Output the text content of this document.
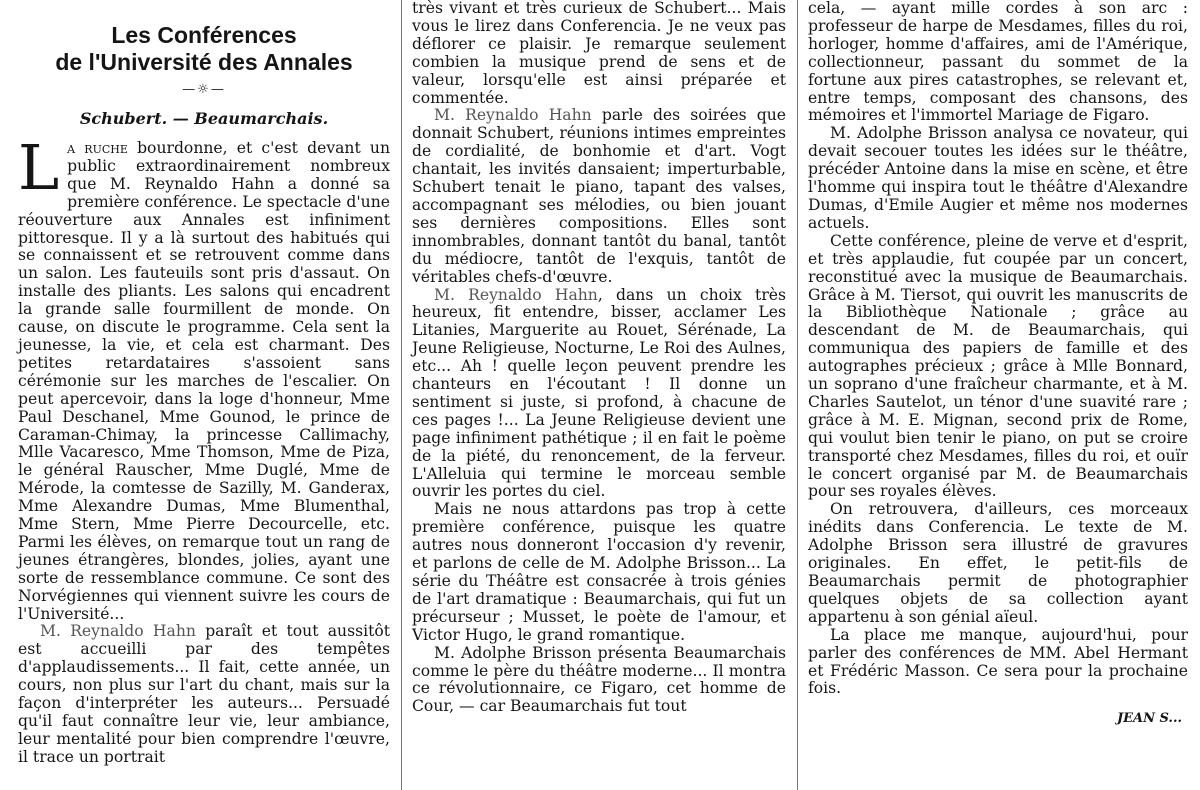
Les Conférences
de l'Université des Annales
—☼—
Schubert. — Beaumarchais.

La ruche bourdonne, et c'est devant un public extraordinairement nombreux que M. Reynaldo Hahn a donné sa première conférence. Le spectacle d'une réouverture aux Annales est infiniment pittoresque. Il y a là surtout des habitués qui se connaissent et se retrouvent comme dans un salon. Les fauteuils sont pris d'assaut. On installe des pliants. Les salons qui encadrent la grande salle fourmillent de monde. On cause, on discute le programme. Cela sent la jeunesse, la vie, et cela est charmant. Des petites retardataires s'assoient sans cérémonie sur les marches de l'escalier. On peut apercevoir, dans la loge d'honneur, Mme Paul Deschanel, Mme Gounod, le prince de Caraman-Chimay, la princesse Callimachy, Mlle Vacaresco, Mme Thomson, Mme de Piza, le général Rauscher, Mme Duglé, Mme de Mérode, la comtesse de Sazilly, M. Ganderax, Mme Alexandre Dumas, Mme Blumenthal, Mme Stern, Mme Pierre Decourcelle, etc. Parmi les élèves, on remarque tout un rang de jeunes étrangères, blondes, jolies, ayant une sorte de ressemblance commune. Ce sont des Norvégiennes qui viennent suivre les cours de l'Université...

M. Reynaldo Hahn paraît et tout aussitôt est accueilli par des tempêtes d'applaudissements... Il fait, cette année, un cours, non plus sur l'art du chant, mais sur la façon d'interpréter les auteurs... Persuadé qu'il faut connaître leur vie, leur ambiance, leur mentalité pour bien comprendre l'œuvre, il trace un portrait

très vivant et très curieux de Schubert... Mais vous le lirez dans Conferencia. Je ne veux pas déflorer ce plaisir. Je remarque seulement combien la musique prend de sens et de valeur, lorsqu'elle est ainsi préparée et commentée.

M. Reynaldo Hahn parle des soirées que donnait Schubert, réunions intimes empreintes de cordialité, de bonhomie et d'art. Vogt chantait, les invités dansaient; imperturbable, Schubert tenait le piano, tapant des valses, accompagnant ses mélodies, ou bien jouant ses dernières compositions. Elles sont innombrables, donnant tantôt du banal, tantôt du médiocre, tantôt de l'exquis, tantôt de véritables chefs-d'œuvre.

M. Reynaldo Hahn, dans un choix très heureux, fit entendre, bisser, acclamer Les Litanies, Marguerite au Rouet, Sérénade, La Jeune Religieuse, Nocturne, Le Roi des Aulnes, etc... Ah ! quelle leçon peuvent prendre les chanteurs en l'écoutant ! Il donne un sentiment si juste, si profond, à chacune de ces pages !... La Jeune Religieuse devient une page infiniment pathétique ; il en fait le poème de la piété, du renoncement, de la ferveur. L'Alleluia qui termine le morceau semble ouvrir les portes du ciel.

Mais ne nous attardons pas trop à cette première conférence, puisque les quatre autres nous donneront l'occasion d'y revenir, et parlons de celle de M. Adolphe Brisson... La série du Théâtre est consacrée à trois génies de l'art dramatique : Beaumarchais, qui fut un précurseur ; Musset, le poète de l'amour, et Victor Hugo, le grand romantique.

M. Adolphe Brisson présenta Beaumarchais comme le père du théâtre moderne... Il montra ce révolutionnaire, ce Figaro, cet homme de Cour, — car Beaumarchais fut tout

cela, — ayant mille cordes à son arc : professeur de harpe de Mesdames, filles du roi, horloger, homme d'affaires, ami de l'Amérique, collectionneur, passant du sommet de la fortune aux pires catastrophes, se relevant et, entre temps, composant des chansons, des mémoires et l'immortel Mariage de Figaro.

M. Adolphe Brisson analysa ce novateur, qui devait secouer toutes les idées sur le théâtre, précéder Antoine dans la mise en scène, et être l'homme qui inspira tout le théâtre d'Alexandre Dumas, d'Emile Augier et même nos modernes actuels.

Cette conférence, pleine de verve et d'esprit, et très applaudie, fut coupée par un concert, reconstitué avec la musique de Beaumarchais. Grâce à M. Tiersot, qui ouvrit les manuscrits de la Bibliothèque Nationale ; grâce au descendant de M. de Beaumarchais, qui communiqua des papiers de famille et des autographes précieux ; grâce à Mlle Bonnard, un soprano d'une fraîcheur charmante, et à M. Charles Sautelot, un ténor d'une suavité rare ; grâce à M. E. Mignan, second prix de Rome, qui voulut bien tenir le piano, on put se croire transporté chez Mesdames, filles du roi, et ouïr le concert organisé par M. de Beaumarchais pour ses royales élèves.

On retrouvera, d'ailleurs, ces morceaux inédits dans Conferencia. Le texte de M. Adolphe Brisson sera illustré de gravures originales. En effet, le petit-fils de Beaumarchais permit de photographier quelques objets de sa collection ayant appartenu à son génial aïeul.

La place me manque, aujourd'hui, pour parler des conférences de MM. Abel Hermant et Frédéric Masson. Ce sera pour la prochaine fois.

JEAN S...
